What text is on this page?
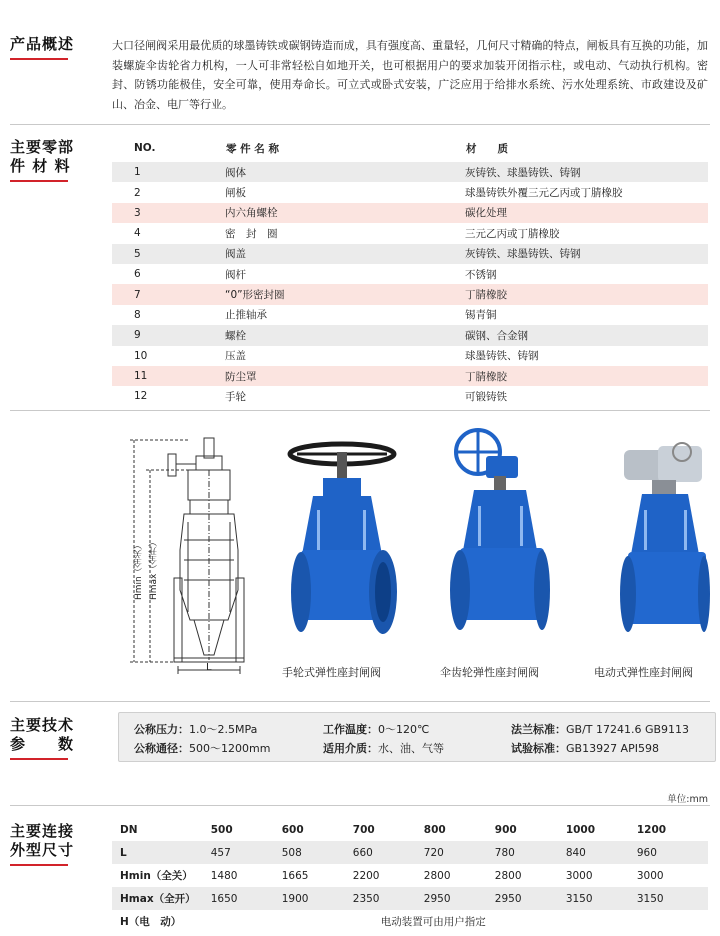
产品概述	大口径闸阀采用最优质的球墨铸铁或碳钢铸造而成，具有强度高、重量轻，几何尺寸精确的特点，闸板具有互换的功能，加装螺旋伞齿轮省力机构，一人可非常轻松自如地开关，也可根据用户的要求加装开闭指示柱，或电动、气动执行机构。密封、防锈功能极佳，安全可靠，使用寿命长。可立式或卧式安装，广泛应用于给排水系统、污水处理系统、市政建设及矿山、冶金、电厂等行业。
主要零部
件 材 料
NO.	零 件 名 称	材　　质
1	阀体	灰铸铁、球墨铸铁、铸钢
2	闸板	球墨铸铁外覆三元乙丙或丁腈橡胶
3	内六角螺栓	碳化处理
4	密　封　圈	三元乙丙或丁腈橡胶
5	阀盖	灰铸铁、球墨铸铁、铸钢
6	阀杆	不锈钢
7	“0”形密封圈	丁腈橡胶
8	止推轴承	锡青铜
9	螺栓	碳钢、合金钢
10	压盖	球墨铸铁、铸钢
11	防尘罩	丁腈橡胶
12	手轮	可锻铸铁
Hmin（全关） Hmax（全开）
L	手轮式弹性座封闸阀	伞齿轮弹性座封闸阀	电动式弹性座封闸阀
主要技术
参　　数
公称压力：1.0～2.5MPa
公称通径：500～1200mm
工作温度：0～120℃
适用介质：水、油、气等
法兰标准：GB/T 17241.6 GB9113
试验标准：GB13927 API598
单位:mm
主要连接
外型尺寸
DN	500	600	700	800	900	1000	1200
L	457	508	660	720	780	840	960
Hmin（全关）	1480	1665	2200	2800	2800	3000	3000
Hmax（全开）	1650	1900	2350	2950	2950	3150	3150
H（电　动）	电动装置可由用户指定						
